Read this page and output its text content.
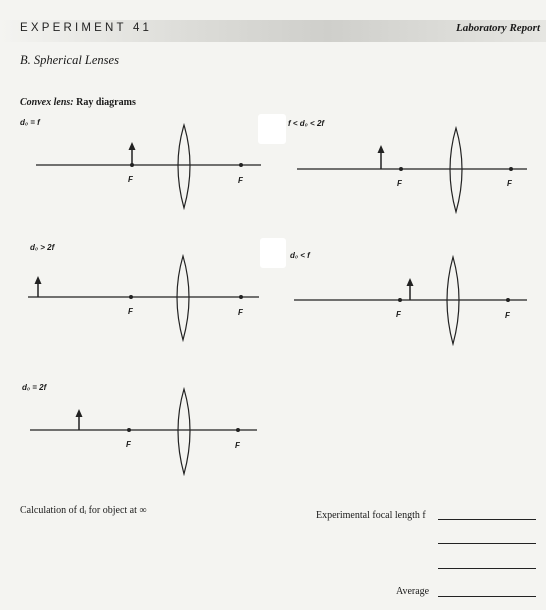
EXPERIMENT 41	Laboratory Report
B. Spherical Lenses
Convex lens: Ray diagrams
d₀ = f	f < d₀ < 2f
d₀ > 2f
d₀ < f
d₀ = 2f
F	F	F	F
F	F	F	F
F	F
Calculation of dᵢ for object at ∞	Experimental focal length f
Average
